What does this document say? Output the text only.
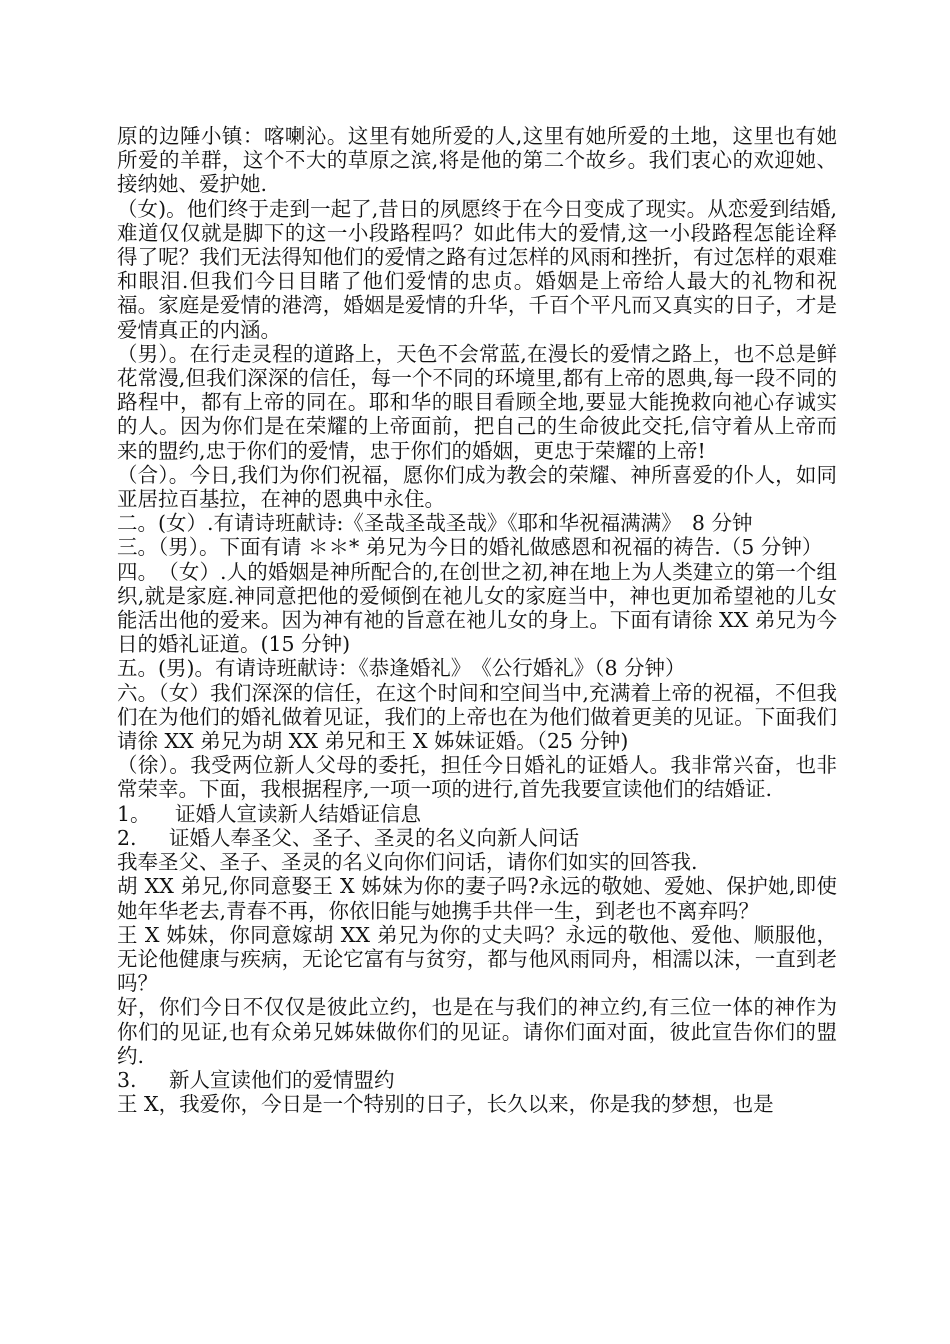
原的边陲小镇：喀喇沁。这里有她所爱的人,这里有她所爱的土地，这里也有她所爱的羊群，这个不大的草原之滨,将是他的第二个故乡。我们衷心的欢迎她、接纳她、爱护她.

（女)。他们终于走到一起了,昔日的夙愿终于在今日变成了现实。从恋爱到结婚,难道仅仅就是脚下的这一小段路程吗？如此伟大的爱情,这一小段路程怎能诠释得了呢？我们无法得知他们的爱情之路有过怎样的风雨和挫折，有过怎样的艰难和眼泪.但我们今日目睹了他们爱情的忠贞。婚姻是上帝给人最大的礼物和祝福。家庭是爱情的港湾，婚姻是爱情的升华，千百个平凡而又真实的日子，才是爱情真正的内涵。

（男）。在行走灵程的道路上，天色不会常蓝,在漫长的爱情之路上，也不总是鲜花常漫,但我们深深的信任，每一个不同的环境里,都有上帝的恩典,每一段不同的路程中，都有上帝的同在。耶和华的眼目看顾全地,要显大能挽救向祂心存诚实的人。因为你们是在荣耀的上帝面前，把自己的生命彼此交托,信守着从上帝而来的盟约,忠于你们的爱情，忠于你们的婚姻，更忠于荣耀的上帝!

（合）。今日,我们为你们祝福，愿你们成为教会的荣耀、神所喜爱的仆人，如同亚居拉百基拉，在神的恩典中永住。

二。(女）.有请诗班献诗:《圣哉圣哉圣哉》《耶和华祝福满满》　8 分钟

三。（男）。下面有请 ＊＊* 弟兄为今日的婚礼做感恩和祝福的祷告.（5 分钟）

四。　（女）.人的婚姻是神所配合的,在创世之初,神在地上为人类建立的第一个组织,就是家庭.神同意把他的爱倾倒在祂儿女的家庭当中，神也更加希望祂的儿女能活出他的爱来。因为神有祂的旨意在祂儿女的身上。下面有请徐 XX 弟兄为今日的婚礼证道。(15 分钟)

五。(男)。有请诗班献诗：《恭逢婚礼》　《公行婚礼》（8 分钟）

六。（女）我们深深的信任，在这个时间和空间当中,充满着上帝的祝福，不但我们在为他们的婚礼做着见证，我们的上帝也在为他们做着更美的见证。下面我们请徐 XX 弟兄为胡 XX 弟兄和王 X 姊妹证婚。（25 分钟)

（徐）。我受两位新人父母的委托，担任今日婚礼的证婚人。我非常兴奋，也非常荣幸。下面，我根据程序,一项一项的进行,首先我要宣读他们的结婚证.

1。	证婚人宣读新人结婚证信息

2.	证婚人奉圣父、圣子、圣灵的名义向新人问话

我奉圣父、圣子、圣灵的名义向你们问话，请你们如实的回答我.

胡 XX 弟兄,你同意娶王 X 姊妹为你的妻子吗?永远的敬她、爱她、保护她,即使她年华老去,青春不再，你依旧能与她携手共伴一生，到老也不离弃吗？

王 X 姊妹，你同意嫁胡 XX 弟兄为你的丈夫吗？永远的敬他、爱他、顺服他，无论他健康与疾病，无论它富有与贫穷，都与他风雨同舟，相濡以沫，一直到老吗？

好，你们今日不仅仅是彼此立约，也是在与我们的神立约,有三位一体的神作为你们的见证,也有众弟兄姊妹做你们的见证。请你们面对面，彼此宣告你们的盟约.

3.	新人宣读他们的爱情盟约

王 X，我爱你，今日是一个特别的日子，长久以来，你是我的梦想，也是
